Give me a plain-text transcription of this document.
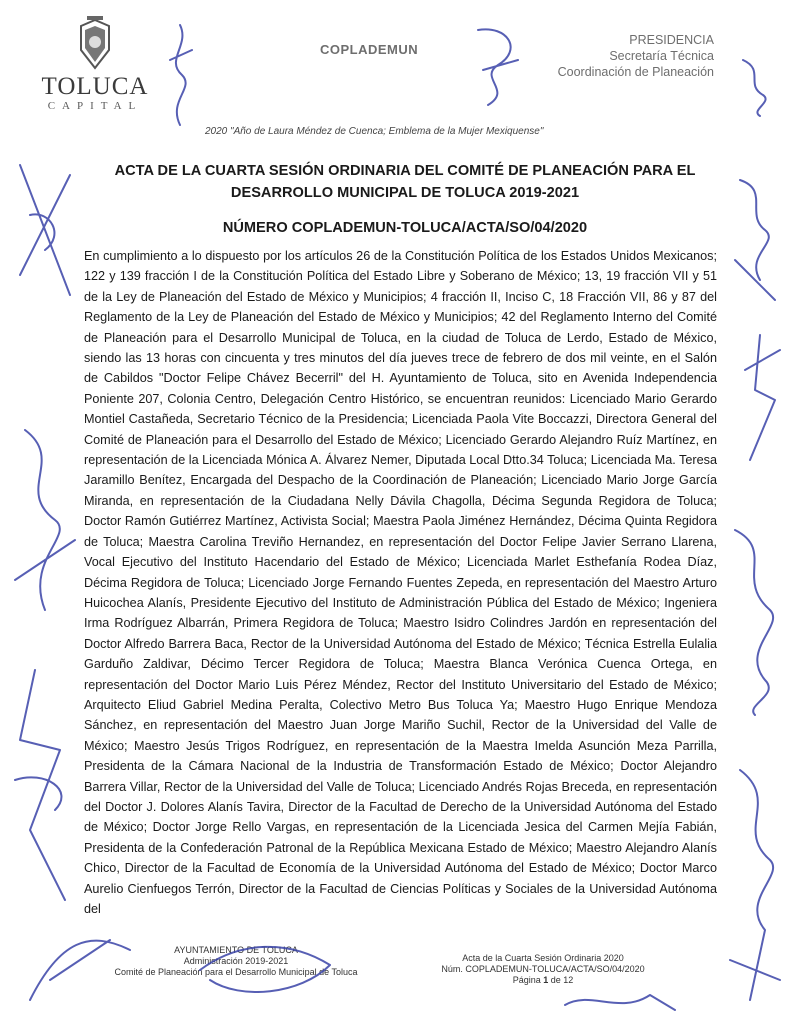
TOLUCA
CAPITAL
COPLADEMUN
PRESIDENCIA
Secretaría Técnica
Coordinación de Planeación
2020 "Año de Laura Méndez de Cuenca; Emblema de la Mujer Mexiquense"
ACTA DE LA CUARTA SESIÓN ORDINARIA DEL COMITÉ DE PLANEACIÓN PARA EL DESARROLLO MUNICIPAL DE TOLUCA 2019-2021
NÚMERO COPLADEMUN-TOLUCA/ACTA/SO/04/2020

En cumplimiento a lo dispuesto por los artículos 26 de la Constitución Política de los Estados Unidos Mexicanos; 122 y 139 fracción I de la Constitución Política del Estado Libre y Soberano de México; 13, 19 fracción VII y 51 de la Ley de Planeación del Estado de México y Municipios; 4 fracción II, Inciso C, 18 Fracción VII, 86 y 87 del Reglamento de la Ley de Planeación del Estado de México y Municipios; 42 del Reglamento Interno del Comité de Planeación para el Desarrollo Municipal de Toluca, en la ciudad de Toluca de Lerdo, Estado de México, siendo las 13 horas con cincuenta y tres minutos del día jueves trece de febrero de dos mil veinte, en el Salón de Cabildos "Doctor Felipe Chávez Becerril" del H. Ayuntamiento de Toluca, sito en Avenida Independencia Poniente 207, Colonia Centro, Delegación Centro Histórico, se encuentran reunidos: Licenciado Mario Gerardo Montiel Castañeda, Secretario Técnico de la Presidencia; Licenciada Paola Vite Boccazzi, Directora General del Comité de Planeación para el Desarrollo del Estado de México; Licenciado Gerardo Alejandro Ruíz Martínez, en representación de la Licenciada Mónica A. Álvarez Nemer, Diputada Local Dtto.34 Toluca; Licenciada Ma. Teresa Jaramillo Benítez, Encargada del Despacho de la Coordinación de Planeación; Licenciado Mario Jorge García Miranda, en representación de la Ciudadana Nelly Dávila Chagolla, Décima Segunda Regidora de Toluca; Doctor Ramón Gutiérrez Martínez, Activista Social; Maestra Paola Jiménez Hernández, Décima Quinta Regidora de Toluca; Maestra Carolina Treviño Hernandez, en representación del Doctor Felipe Javier Serrano Llarena, Vocal Ejecutivo del Instituto Hacendario del Estado de México; Licenciada Marlet Esthefanía Rodea Díaz, Décima Regidora de Toluca; Licenciado Jorge Fernando Fuentes Zepeda, en representación del Maestro Arturo Huicochea Alanís, Presidente Ejecutivo del Instituto de Administración Pública del Estado de México; Ingeniera Irma Rodríguez Albarrán, Primera Regidora de Toluca; Maestro Isidro Colindres Jardón en representación del Doctor Alfredo Barrera Baca, Rector de la Universidad Autónoma del Estado de México; Técnica Estrella Eulalia Garduño Zaldivar, Décimo Tercer Regidora de Toluca; Maestra Blanca Verónica Cuenca Ortega, en representación del Doctor Mario Luis Pérez Méndez, Rector del Instituto Universitario del Estado de México; Arquitecto Eliud Gabriel Medina Peralta, Colectivo Metro Bus Toluca Ya; Maestro Hugo Enrique Mendoza Sánchez, en representación del Maestro Juan Jorge Mariño Suchil, Rector de la Universidad del Valle de México; Maestro Jesús Trigos Rodríguez, en representación de la Maestra Imelda Asunción Meza Parrilla, Presidenta de la Cámara Nacional de la Industria de Transformación Estado de México; Doctor Alejandro Barrera Villar, Rector de la Universidad del Valle de Toluca; Licenciado Andrés Rojas Breceda, en representación del Doctor J. Dolores Alanís Tavira, Director de la Facultad de Derecho de la Universidad Autónoma del Estado de México; Doctor Jorge Rello Vargas, en representación de la Licenciada Jesica del Carmen Mejía Fabián, Presidenta de la Confederación Patronal de la República Mexicana Estado de México; Maestro Alejandro Alanís Chico, Director de la Facultad de Economía de la Universidad Autónoma del Estado de México; Doctor Marco Aurelio Cienfuegos Terrón, Director de la Facultad de Ciencias Políticas y Sociales de la Universidad Autónoma del

AYUNTAMIENTO DE TOLUCA
Administración 2019-2021
Comité de Planeación para el Desarrollo Municipal de Toluca
Acta de la Cuarta Sesión Ordinaria 2020
Núm. COPLADEMUN-TOLUCA/ACTA/SO/04/2020
Página 1 de 12
